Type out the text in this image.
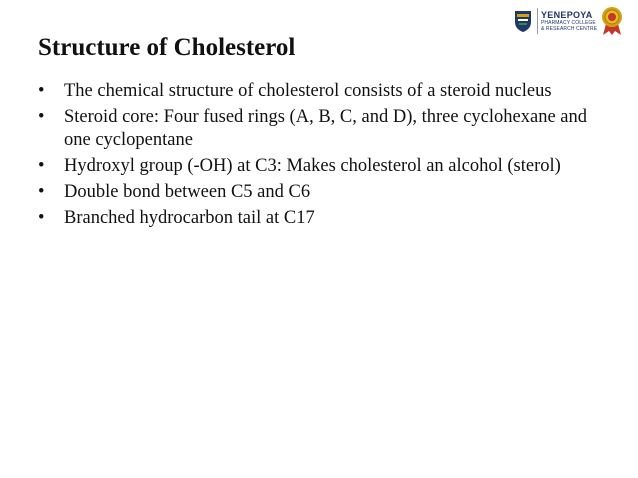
YENEPOYA
PHARMACY COLLEGE
& RESEARCH CENTRE
Structure of Cholesterol
• The chemical structure of cholesterol consists of a steroid nucleus
• Steroid core: Four fused rings (A, B, C, and D), three cyclohexane and one cyclopentane
• Hydroxyl group (-OH) at C3: Makes cholesterol an alcohol (sterol)
• Double bond between C5 and C6
• Branched hydrocarbon tail at C17
